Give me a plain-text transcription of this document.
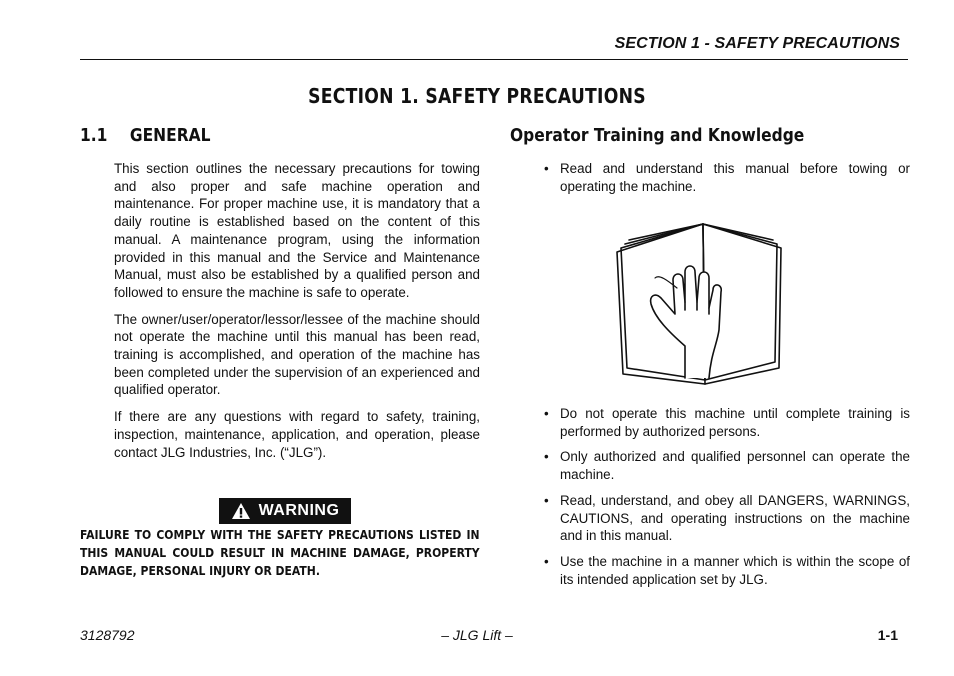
SECTION 1 - SAFETY PRECAUTIONS
SECTION 1. SAFETY PRECAUTIONS
1.1 GENERAL	Operator Training and Knowledge

This section outlines the necessary precautions for towing and also proper and safe machine operation and maintenance. For proper machine use, it is mandatory that a daily routine is established based on the content of this manual. A maintenance program, using the information provided in this manual and the Service and Maintenance Manual, must also be established by a qualified person and followed to ensure the machine is safe to operate.

The owner/user/operator/lessor/lessee of the machine should not operate the machine until this manual has been read, training is accomplished, and operation of the machine has been completed under the supervision of an experienced and qualified operator.

If there are any questions with regard to safety, training, inspection, maintenance, application, and operation, please contact JLG Industries, Inc. (“JLG”).

WARNING
FAILURE TO COMPLY WITH THE SAFETY PRECAUTIONS LISTED IN THIS MANUAL COULD RESULT IN MACHINE DAMAGE, PROPERTY DAMAGE, PERSONAL INJURY OR DEATH.
• Read and understand this manual before towing or operating the machine.
• Do not operate this machine until complete training is performed by authorized persons.
• Only authorized and qualified personnel can operate the machine.
• Read, understand, and obey all DANGERS, WARNINGS, CAUTIONS, and operating instructions on the machine and in this manual.
• Use the machine in a manner which is within the scope of its intended application set by JLG.
3128792	– JLG Lift –	1-1
